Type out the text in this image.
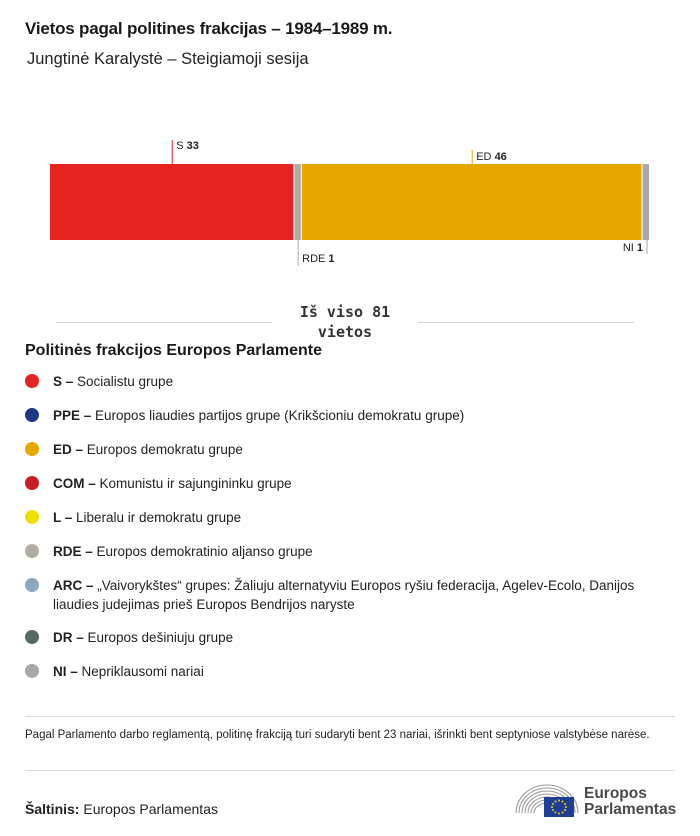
Vietos pagal politines frakcijas – 1984–1989 m.
Jungtinė Karalystė – Steigiamoji sesija
S 33
RDE 1
ED 46
NI 1
Iš viso 81
vietos
Politinės frakcijos Europos Parlamente
S – Socialistu grupe
PPE – Europos liaudies partijos grupe (Krikšcioniu demokratu grupe)
ED – Europos demokratu grupe
COM – Komunistu ir sajungininku grupe
L – Liberalu ir demokratu grupe
RDE – Europos demokratinio aljanso grupe
ARC – „Vaivorykštes“ grupes: Žaliuju alternatyviu Europos ryšiu federacija, Agelev-Ecolo, Danijos liaudies judejimas prieš Europos Bendrijos naryste
DR – Europos dešiniuju grupe
NI – Nepriklausomi nariai
Pagal Parlamento darbo reglamentą, politinę frakciją turi sudaryti bent 23 nariai, išrinkti bent septyniose valstybėse narėse.
Šaltinis: Europos Parlamentas
Europos
Parlamentas
